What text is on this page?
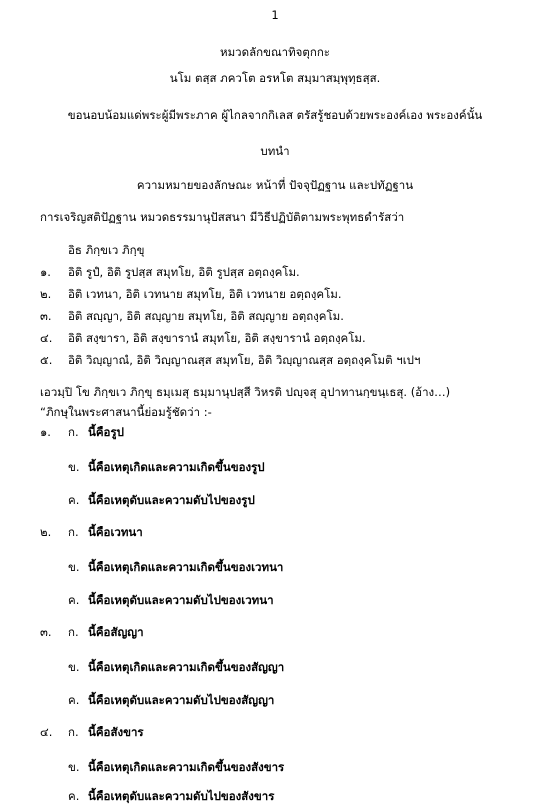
1
หมวดลักขณาทิจตุกกะ
นโม ตสฺส ภควโต อรหโต สมฺมาสมฺพุทฺธสฺส.
ขอนอบน้อมแด่พระผู้มีพระภาค ผู้ไกลจากกิเลส ตรัสรู้ชอบด้วยพระองค์เอง พระองค์นั้น
บทนำ
ความหมายของลักษณะ หน้าที่ ปัจจุปัฏฐาน และปทัฏฐาน
การเจริญสติปัฏฐาน หมวดธรรมานุปัสสนา มีวิธีปฏิบัติตามพระพุทธดำรัสว่า
อิธ ภิกฺขเว ภิกฺขุ
๑. อิติ รูปํ, อิติ รูปสฺส สมุทโย, อิติ รูปสฺส อตฺถงฺคโม.
๒. อิติ เวทนา, อิติ เวทนาย สมุทโย, อิติ เวทนาย อตฺถงฺคโม.
๓. อิติ สญฺญา, อิติ สญฺญาย สมุทโย, อิติ สญฺญาย อตฺถงฺคโม.
๔. อิติ สงฺขารา, อิติ สงฺขารานํ สมุทโย, อิติ สงฺขารานํ อตฺถงฺคโม.
๕. อิติ วิญฺญาณํ, อิติ วิญฺญาณสฺส สมุทโย, อิติ วิญฺญาณสฺส อตฺถงฺคโมติ ฯเปฯ
เอวมฺปิ โข ภิกฺขเว ภิกฺขุ ธมฺเมสุ ธมฺมานุปสฺสี วิหรติ ปญฺจสุ อุปาทานกฺขนฺเธสุ. (อ้าง…)
“ภิกษุในพระศาสนานี้ย่อมรู้ชัดว่า :-
๑. ก. นี้คือรูป
ข. นี้คือเหตุเกิดและความเกิดขึ้นของรูป
ค. นี้คือเหตุดับและความดับไปของรูป
๒. ก. นี้คือเวทนา
ข. นี้คือเหตุเกิดและความเกิดขึ้นของเวทนา
ค. นี้คือเหตุดับและความดับไปของเวทนา
๓. ก. นี้คือสัญญา
ข. นี้คือเหตุเกิดและความเกิดขึ้นของสัญญา
ค. นี้คือเหตุดับและความดับไปของสัญญา
๔. ก. นี้คือสังขาร
ข. นี้คือเหตุเกิดและความเกิดขึ้นของสังขาร
ค. นี้คือเหตุดับและความดับไปของสังขาร
